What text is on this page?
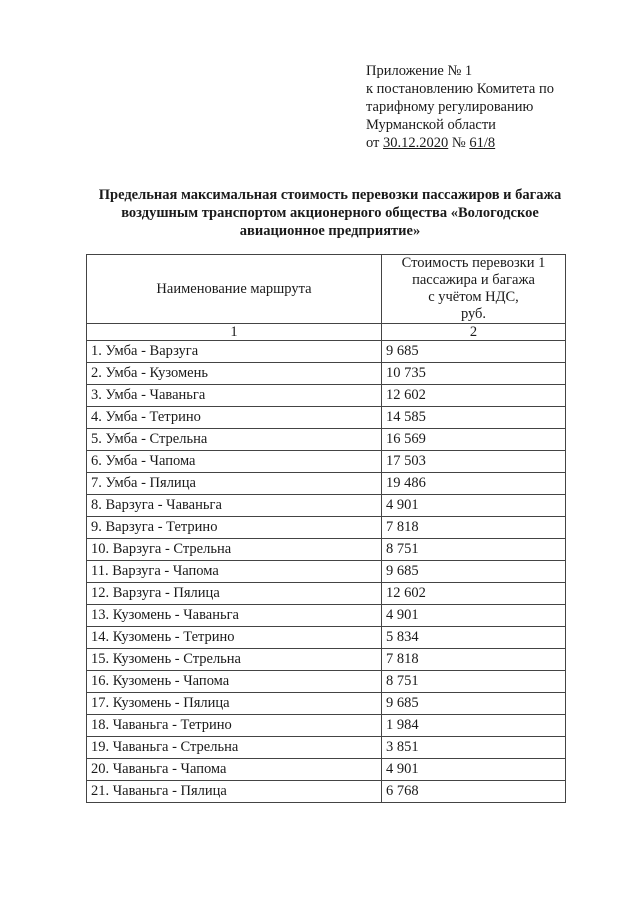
Приложение № 1
к постановлению Комитета по
тарифному регулированию
Мурманской области
от 30.12.2020 № 61/8
Предельная максимальная стоимость перевозки пассажиров и багажа
воздушным транспортом акционерного общества «Вологодское
авиационное предприятие»
Наименование маршрута	Стоимость перевозки 1
пассажира и багажа
с учётом НДС,
руб.

1	2
1. Умба - Варзуга	9 685
2. Умба - Кузомень	10 735
3. Умба - Чаваньга	12 602
4. Умба - Тетрино	14 585
5. Умба - Стрельна	16 569
6. Умба - Чапома	17 503
7. Умба - Пялица	19 486
8. Варзуга - Чаваньга	4 901
9. Варзуга - Тетрино	7 818
10. Варзуга - Стрельна	8 751
11. Варзуга - Чапома	9 685
12. Варзуга - Пялица	12 602
13. Кузомень - Чаваньга	4 901
14. Кузомень - Тетрино	5 834
15. Кузомень - Стрельна	7 818
16. Кузомень - Чапома	8 751
17. Кузомень - Пялица	9 685
18. Чаваньга - Тетрино	1 984
19. Чаваньга - Стрельна	3 851
20. Чаваньга - Чапома	4 901
21. Чаваньга - Пялица	6 768
